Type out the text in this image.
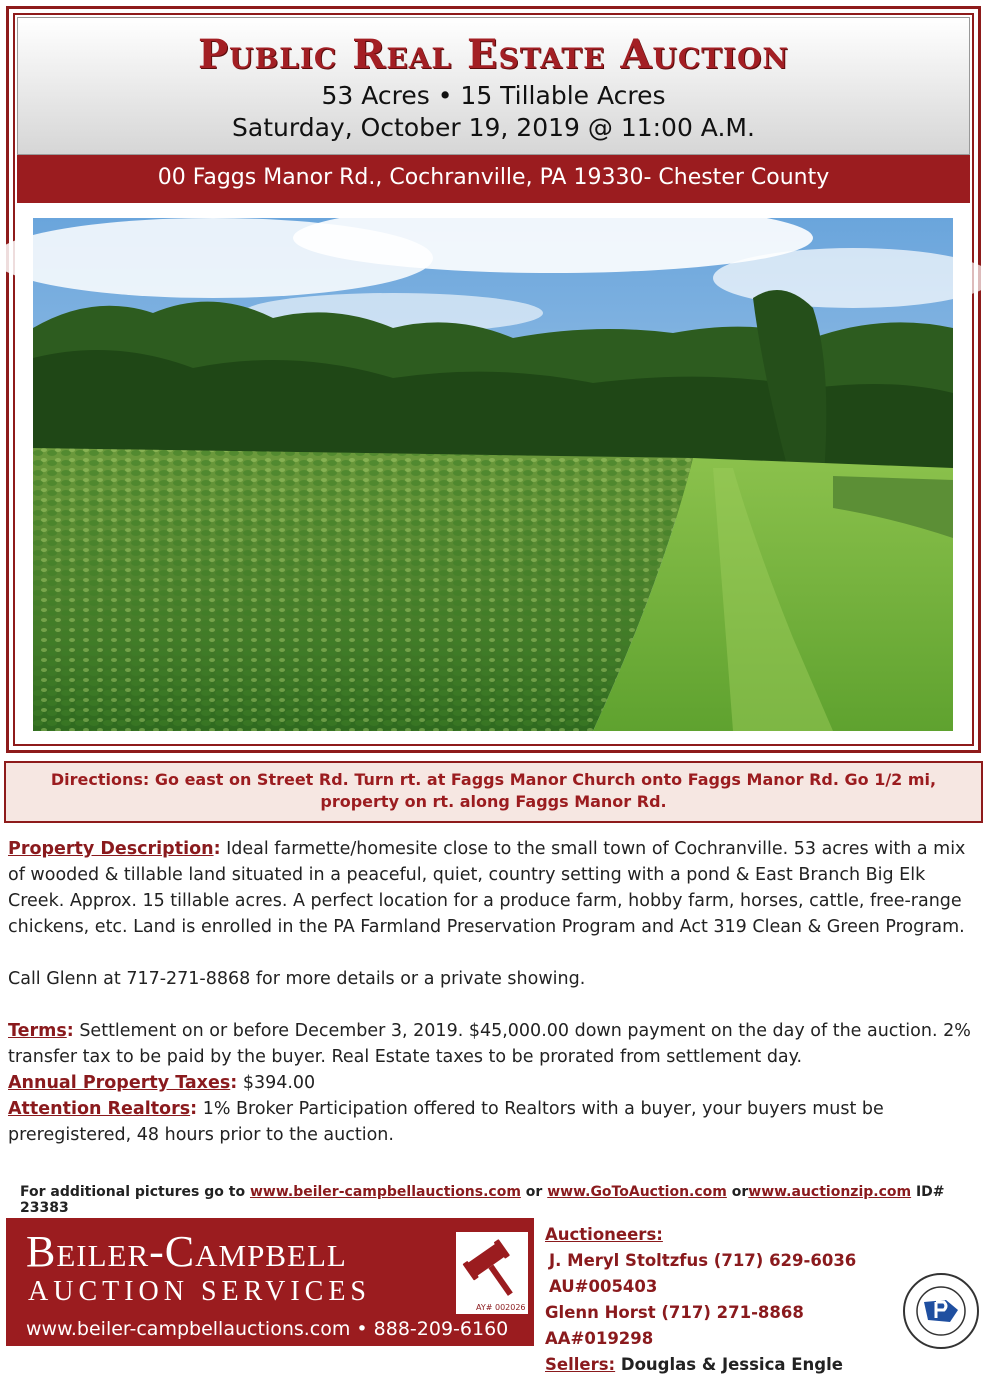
Public Real Estate Auction
53 Acres • 15 Tillable Acres
Saturday, October 19, 2019 @ 11:00 A.M.
00 Faggs Manor Rd., Cochranville, PA 19330- Chester County
Directions: Go east on Street Rd. Turn rt. at Faggs Manor Church onto Faggs Manor Rd. Go 1/2 mi, property on rt. along Faggs Manor Rd.

Property Description: Ideal farmette/homesite close to the small town of Cochranville. 53 acres with a mix of wooded & tillable land situated in a peaceful, quiet, country setting with a pond & East Branch Big Elk Creek. Approx. 15 tillable acres. A perfect location for a produce farm, hobby farm, horses, cattle, free-range chickens, etc. Land is enrolled in the PA Farmland Preservation Program and Act 319 Clean & Green Program.

Call Glenn at 717-271-8868 for more details or a private showing.

Terms: Settlement on or before December 3, 2019. $45,000.00 down payment on the day of the auction. 2% transfer tax to be paid by the buyer. Real Estate taxes to be prorated from settlement day.

Annual Property Taxes: $394.00

Attention Realtors: 1% Broker Participation offered to Realtors with a buyer, your buyers must be preregistered, 48 hours prior to the auction.

For additional pictures go to www.beiler-campbellauctions.com or www.GoToAuction.com orwww.auctionzip.com ID# 23383
Beiler-Campbell
AUCTION SERVICES
www.beiler-campbellauctions.com • 888-209-6160
AY# 002026
Auctioneers:
J. Meryl Stoltzfus (717) 629-6036 AU#005403
Glenn Horst (717) 271-8868 AA#019298
Sellers: Douglas & Jessica Engle
